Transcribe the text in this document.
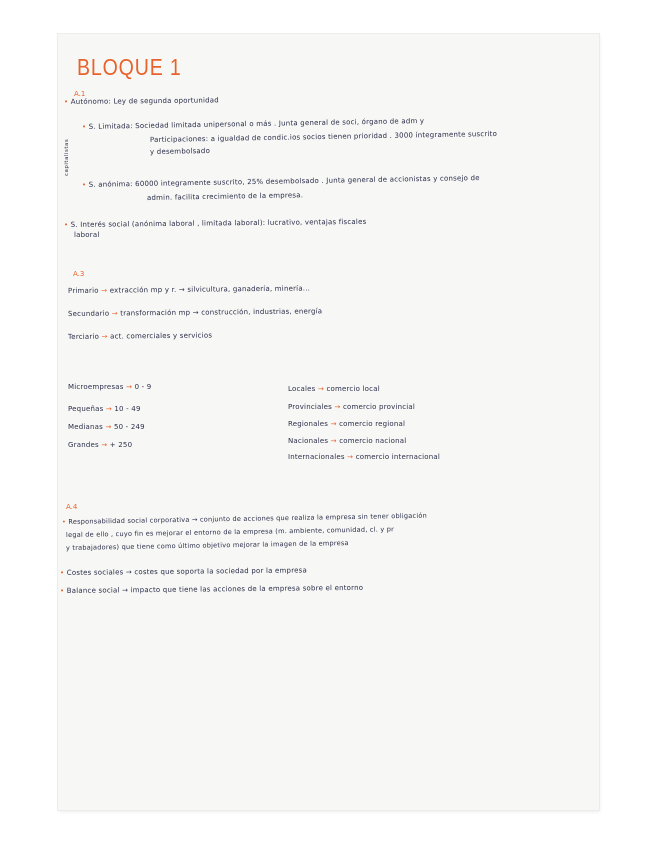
BLOQUE 1
A.1
• Autónomo: Ley de segunda oportunidad
capitalistas
• S. Limitada: Sociedad limitada unipersonal o más . Junta general de soci, órgano de adm y
Participaciones: a igualdad de condic.ios socios tienen prioridad . 3000 íntegramente suscrito
y desembolsado
• S. anónima: 60000 integramente suscrito, 25% desembolsado . Junta general de accionistas y consejo de
admin. facilita crecimiento de la empresa.
• S. Interés social (anónima laboral , limitada laboral): lucrativo, ventajas fiscales
laboral
A.3
Primario → extracción mp y r. → silvicultura, ganadería, minería...
Secundario → transformación mp → construcción, industrias, energía
Terciario → act. comerciales y servicios
Microempresas → 0 - 9
Pequeñas → 10 - 49
Medianas → 50 - 249
Grandes → + 250
Locales → comercio local
Provinciales → comercio provincial
Regionales → comercio regional
Nacionales → comercio nacional
Internacionales → comercio internacional
A.4
• Responsabilidad social corporativa → conjunto de acciones que realiza la empresa sin tener obligación
legal de ello , cuyo fin es mejorar el entorno de la empresa (m. ambiente, comunidad, cl. y pr
y trabajadores) que tiene como último objetivo mejorar la imagen de la empresa
• Costes sociales → costes que soporta la sociedad por la empresa
• Balance social → impacto que tiene las acciones de la empresa sobre el entorno
